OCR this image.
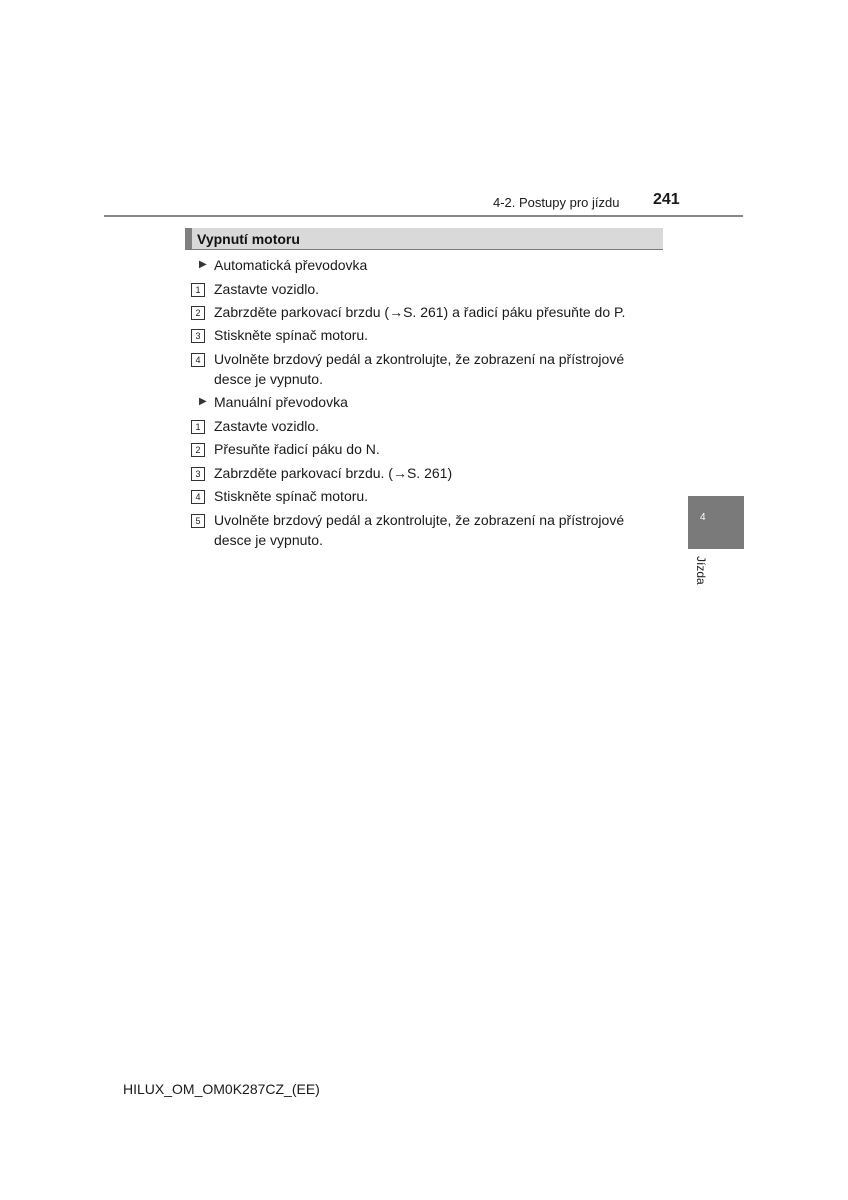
4-2. Postupy pro jízdu 241
Vypnutí motoru
▶ Automatická převodovka
1 Zastavte vozidlo.
2 Zabrzděte parkovací brzdu (→S. 261) a řadicí páku přesuňte do P.
3 Stiskněte spínač motoru.
4 Uvolněte brzdový pedál a zkontrolujte, že zobrazení na přístrojové
desce je vypnuto.
▶ Manuální převodovka
1 Zastavte vozidlo.
2 Přesuňte řadicí páku do N.
3 Zabrzděte parkovací brzdu. (→S. 261)
4 Stiskněte spínač motoru.
5 Uvolněte brzdový pedál a zkontrolujte, že zobrazení na přístrojové
desce je vypnuto.
4
Jízda
HILUX_OM_OM0K287CZ_(EE)
